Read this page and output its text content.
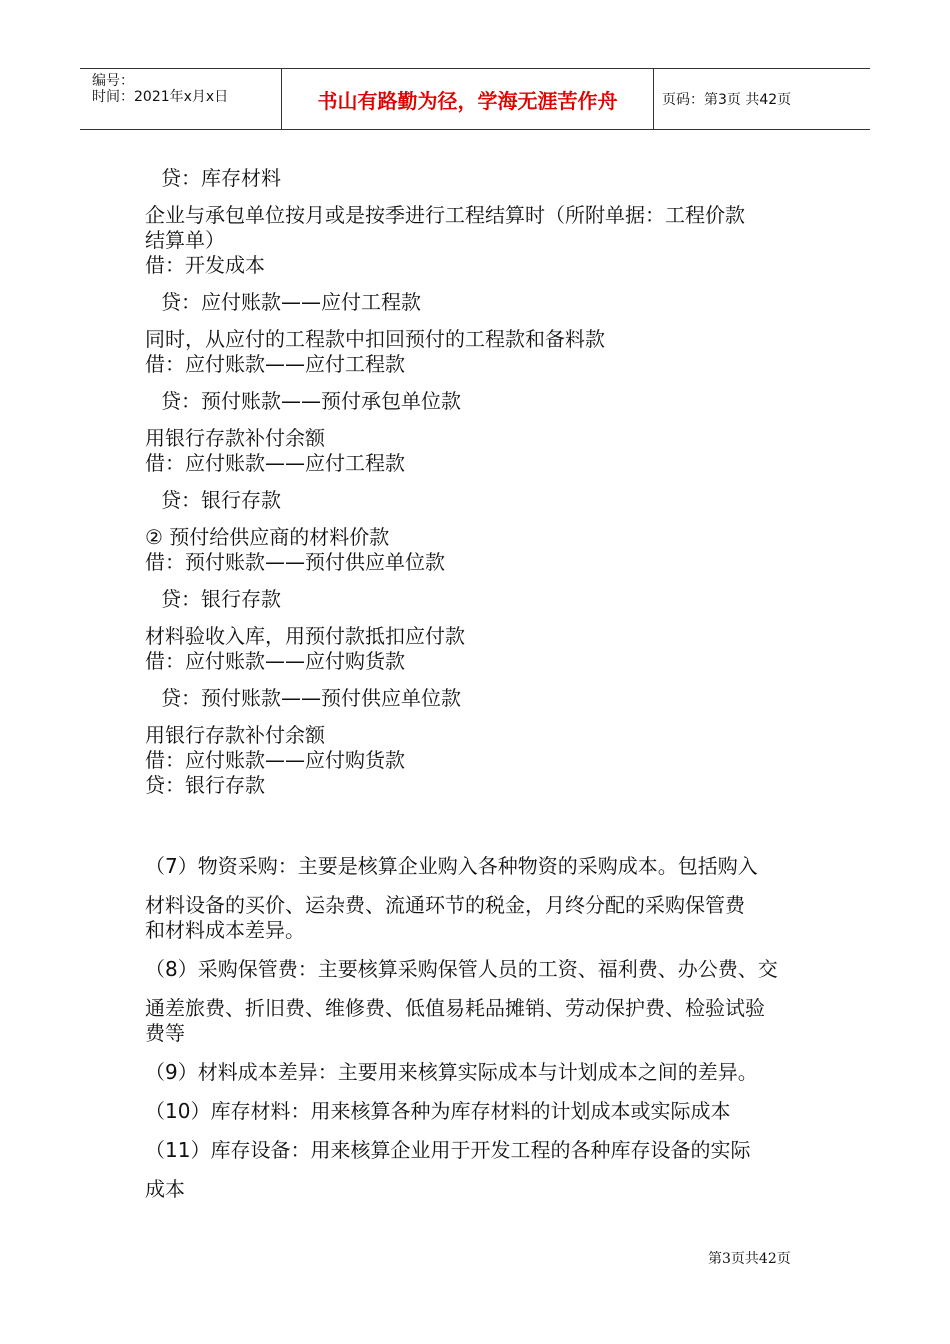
编号：
时间：2021年x月x日	书山有路勤为径，学海无涯苦作舟	页码：第3页 共42页
贷：库存材料
企业与承包单位按月或是按季进行工程结算时（所附单据：工程价款
结算单）
借：开发成本
贷：应付账款——应付工程款
同时，从应付的工程款中扣回预付的工程款和备料款
借：应付账款——应付工程款
贷：预付账款——预付承包单位款
用银行存款补付余额
借：应付账款——应付工程款
贷：银行存款
② 预付给供应商的材料价款
借：预付账款——预付供应单位款
贷：银行存款
材料验收入库，用预付款抵扣应付款
借：应付账款——应付购货款
贷：预付账款——预付供应单位款
用银行存款补付余额
借：应付账款——应付购货款
贷：银行存款
（7）物资采购：主要是核算企业购入各种物资的采购成本。包括购入
材料设备的买价、运杂费、流通环节的税金，月终分配的采购保管费
和材料成本差异。
（8）采购保管费：主要核算采购保管人员的工资、福利费、办公费、交
通差旅费、折旧费、维修费、低值易耗品摊销、劳动保护费、检验试验
费等
（9）材料成本差异：主要用来核算实际成本与计划成本之间的差异。
（10）库存材料：用来核算各种为库存材料的计划成本或实际成本
（11）库存设备：用来核算企业用于开发工程的各种库存设备的实际
成本
第3页共42页
